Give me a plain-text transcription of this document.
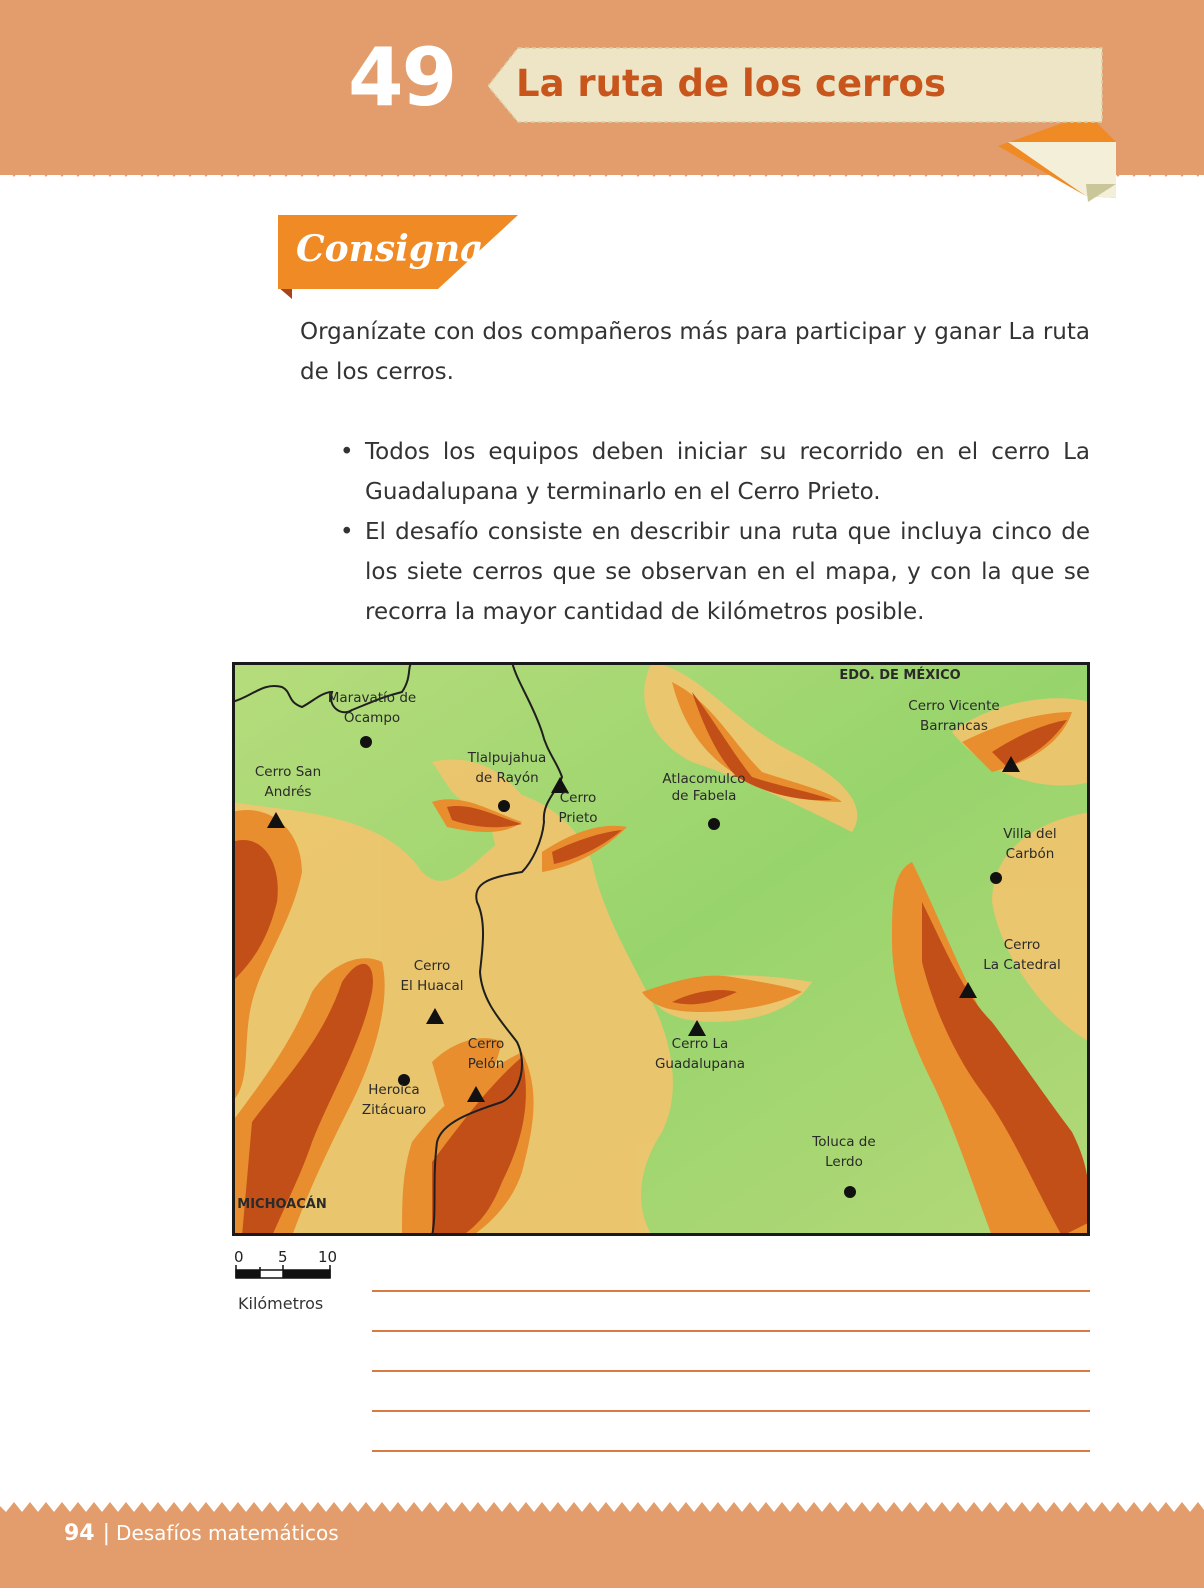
49 La ruta de los cerros
Consigna

Organízate con dos compañeros más para participar y ganar La ruta de los cerros.

• Todos los equipos deben iniciar su recorrido en el cerro La Guadalupana y terminarlo en el Cerro Prieto.
• El desafío consiste en describir una ruta que incluya cinco de los siete cerros que se observan en el mapa, y con la que se recorra la mayor cantidad de kilómetros posible.
EDO. DE MÉXICO
MICHOACÁN
Maravatío de
Ocampo
Tlalpujahua
de Rayón	Atlacomulco
de Fabela
Villa del
Carbón
Heroica
Zitácuaro
Toluca de
Lerdo
Cerro San
Andrés	Cerro
Prieto
Cerro Vicente
Barrancas
Cerro
La Catedral
Cerro
El Huacal
Cerro
Pelón
Cerro La
Guadalupana
0 5 10
Kilómetros
94 | Desafíos matemáticos
